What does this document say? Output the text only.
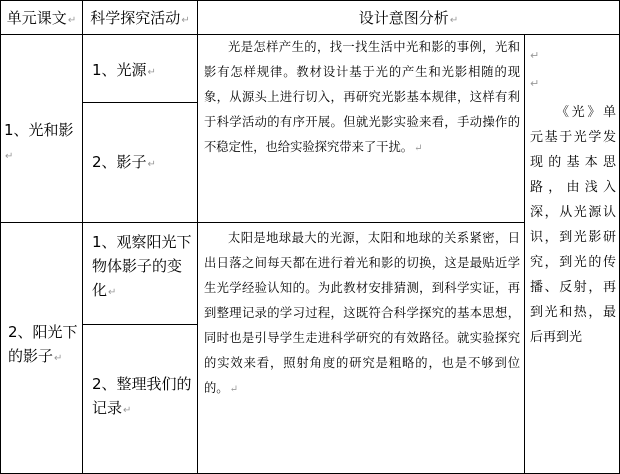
单元课文↵ 科学探究活动↵	设计意图分析↵
1、光和影↵
1、光源↵
2、影子↵
光是怎样产生的，找一找生活中光和影的事例，光和影有怎样规律。教材设计基于光的产生和光影相随的现象，从源头上进行切入，再研究光影基本规律，这样有利于科学活动的有序开展。但就光影实验来看，手动操作的不稳定性，也给实验探究带来了干扰。↵
2、阳光下的影子↵
1、观察阳光下物体影子的变化↵
2、整理我们的记录↵
太阳是地球最大的光源，太阳和地球的关系紧密，日出日落之间每天都在进行着光和影的切换，这是最贴近学生光学经验认知的。为此教材安排猜测，到科学实证，再到整理记录的学习过程，这既符合科学探究的基本思想，同时也是引导学生走进科学研究的有效路径。就实验探究的实效来看，照射角度的研究是粗略的，也是不够到位的。↵
↵
↵
《光》单元基于光学发现的基本思路，由浅入深，从光源认识，到光影研究，到光的传播、反射，再到光和热，最后再到光
